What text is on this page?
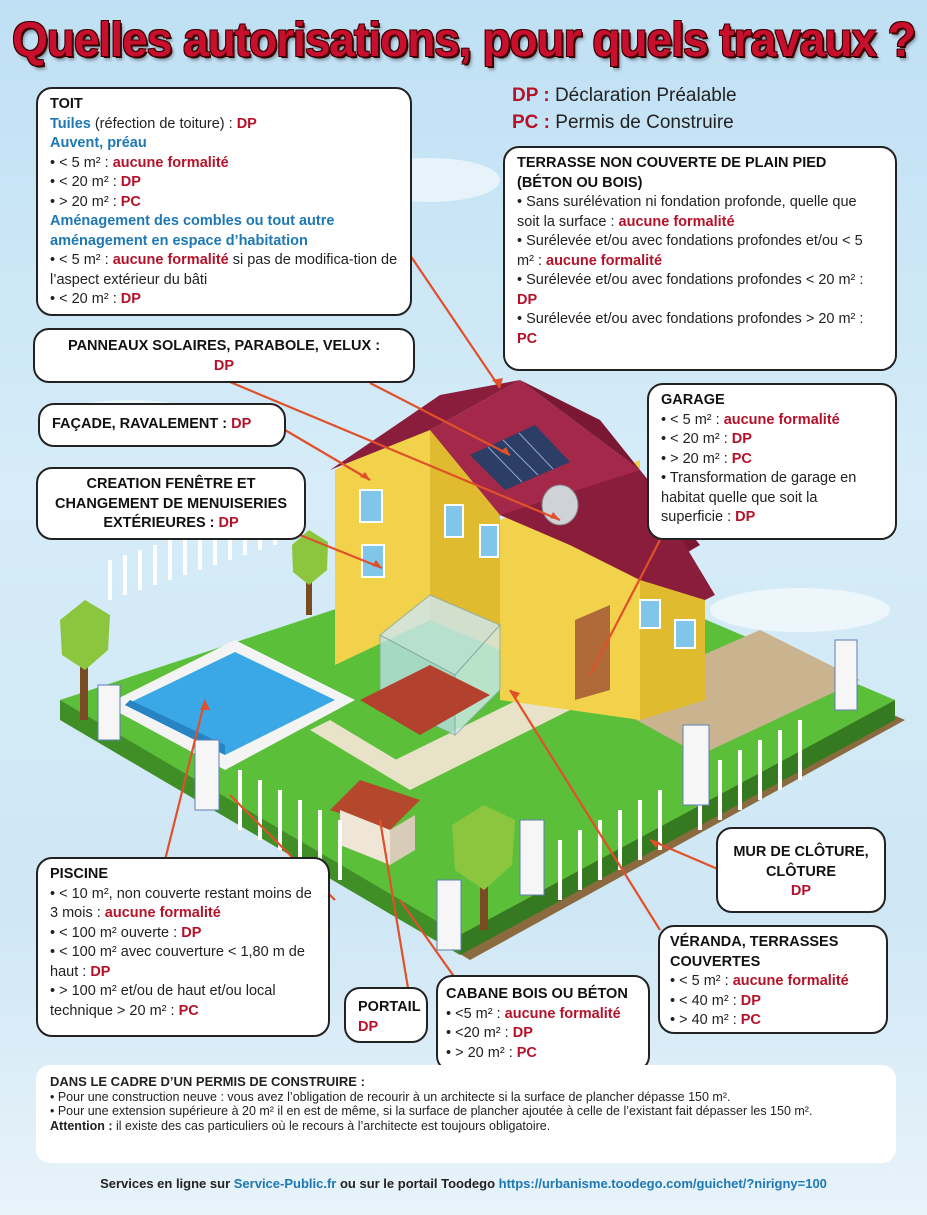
Quelles autorisations, pour quels travaux ?
DP : Déclaration Préalable
PC : Permis de Construire
TOIT
Tuiles (réfection de toiture) : DP
Auvent, préau
• < 5 m² : aucune formalité
• < 20 m² : DP
• > 20 m² : PC
Aménagement des combles ou tout autre aménagement en espace d’habitation
• < 5 m² : aucune formalité si pas de modifica-tion de l’aspect extérieur du bâti
• < 20 m² : DP
TERRASSE NON COUVERTE DE PLAIN PIED (BÉTON OU BOIS)
• Sans surélévation ni fondation profonde, quelle que soit la surface : aucune formalité
• Surélevée et/ou avec fondations profondes et/ou < 5 m² : aucune formalité
• Surélevée et/ou avec fondations profondes < 20 m² : DP
• Surélevée et/ou avec fondations profondes > 20 m² : PC
PANNEAUX SOLAIRES, PARABOLE, VELUX :
DP
FAÇADE, RAVALEMENT : DP
CREATION FENÊTRE ET CHANGEMENT DE MENUISERIES EXTÉRIEURES : DP
GARAGE
• < 5 m² : aucune formalité
• < 20 m² : DP
• > 20 m² : PC
• Transformation de garage en habitat quelle que soit la superficie : DP
PISCINE
• < 10 m², non couverte restant moins de 3 mois : aucune formalité
• < 100 m² ouverte : DP
• < 100 m² avec couverture < 1,80 m de haut : DP
• > 100 m² et/ou de haut et/ou local technique > 20 m² : PC	PORTAIL
DP
CABANE BOIS OU BÉTON
• <5 m² : aucune formalité
• <20 m² : DP
• > 20 m² : PC
MUR DE CLÔTURE, CLÔTURE
DP
VÉRANDA, TERRASSES COUVERTES
• < 5 m² : aucune formalité
• < 40 m² : DP
• > 40 m² : PC
DANS LE CADRE D’UN PERMIS DE CONSTRUIRE :
• Pour une construction neuve : vous avez l’obligation de recourir à un architecte si la surface de plancher dépasse 150 m².
• Pour une extension supérieure à 20 m² il en est de même, si la surface de plancher ajoutée à celle de l’existant fait dépasser les 150 m².
Attention : il existe des cas particuliers où le recours à l’architecte est toujours obligatoire.
Services en ligne sur Service-Public.fr ou sur le portail Toodego https://urbanisme.toodego.com/guichet/?nirigny=100
